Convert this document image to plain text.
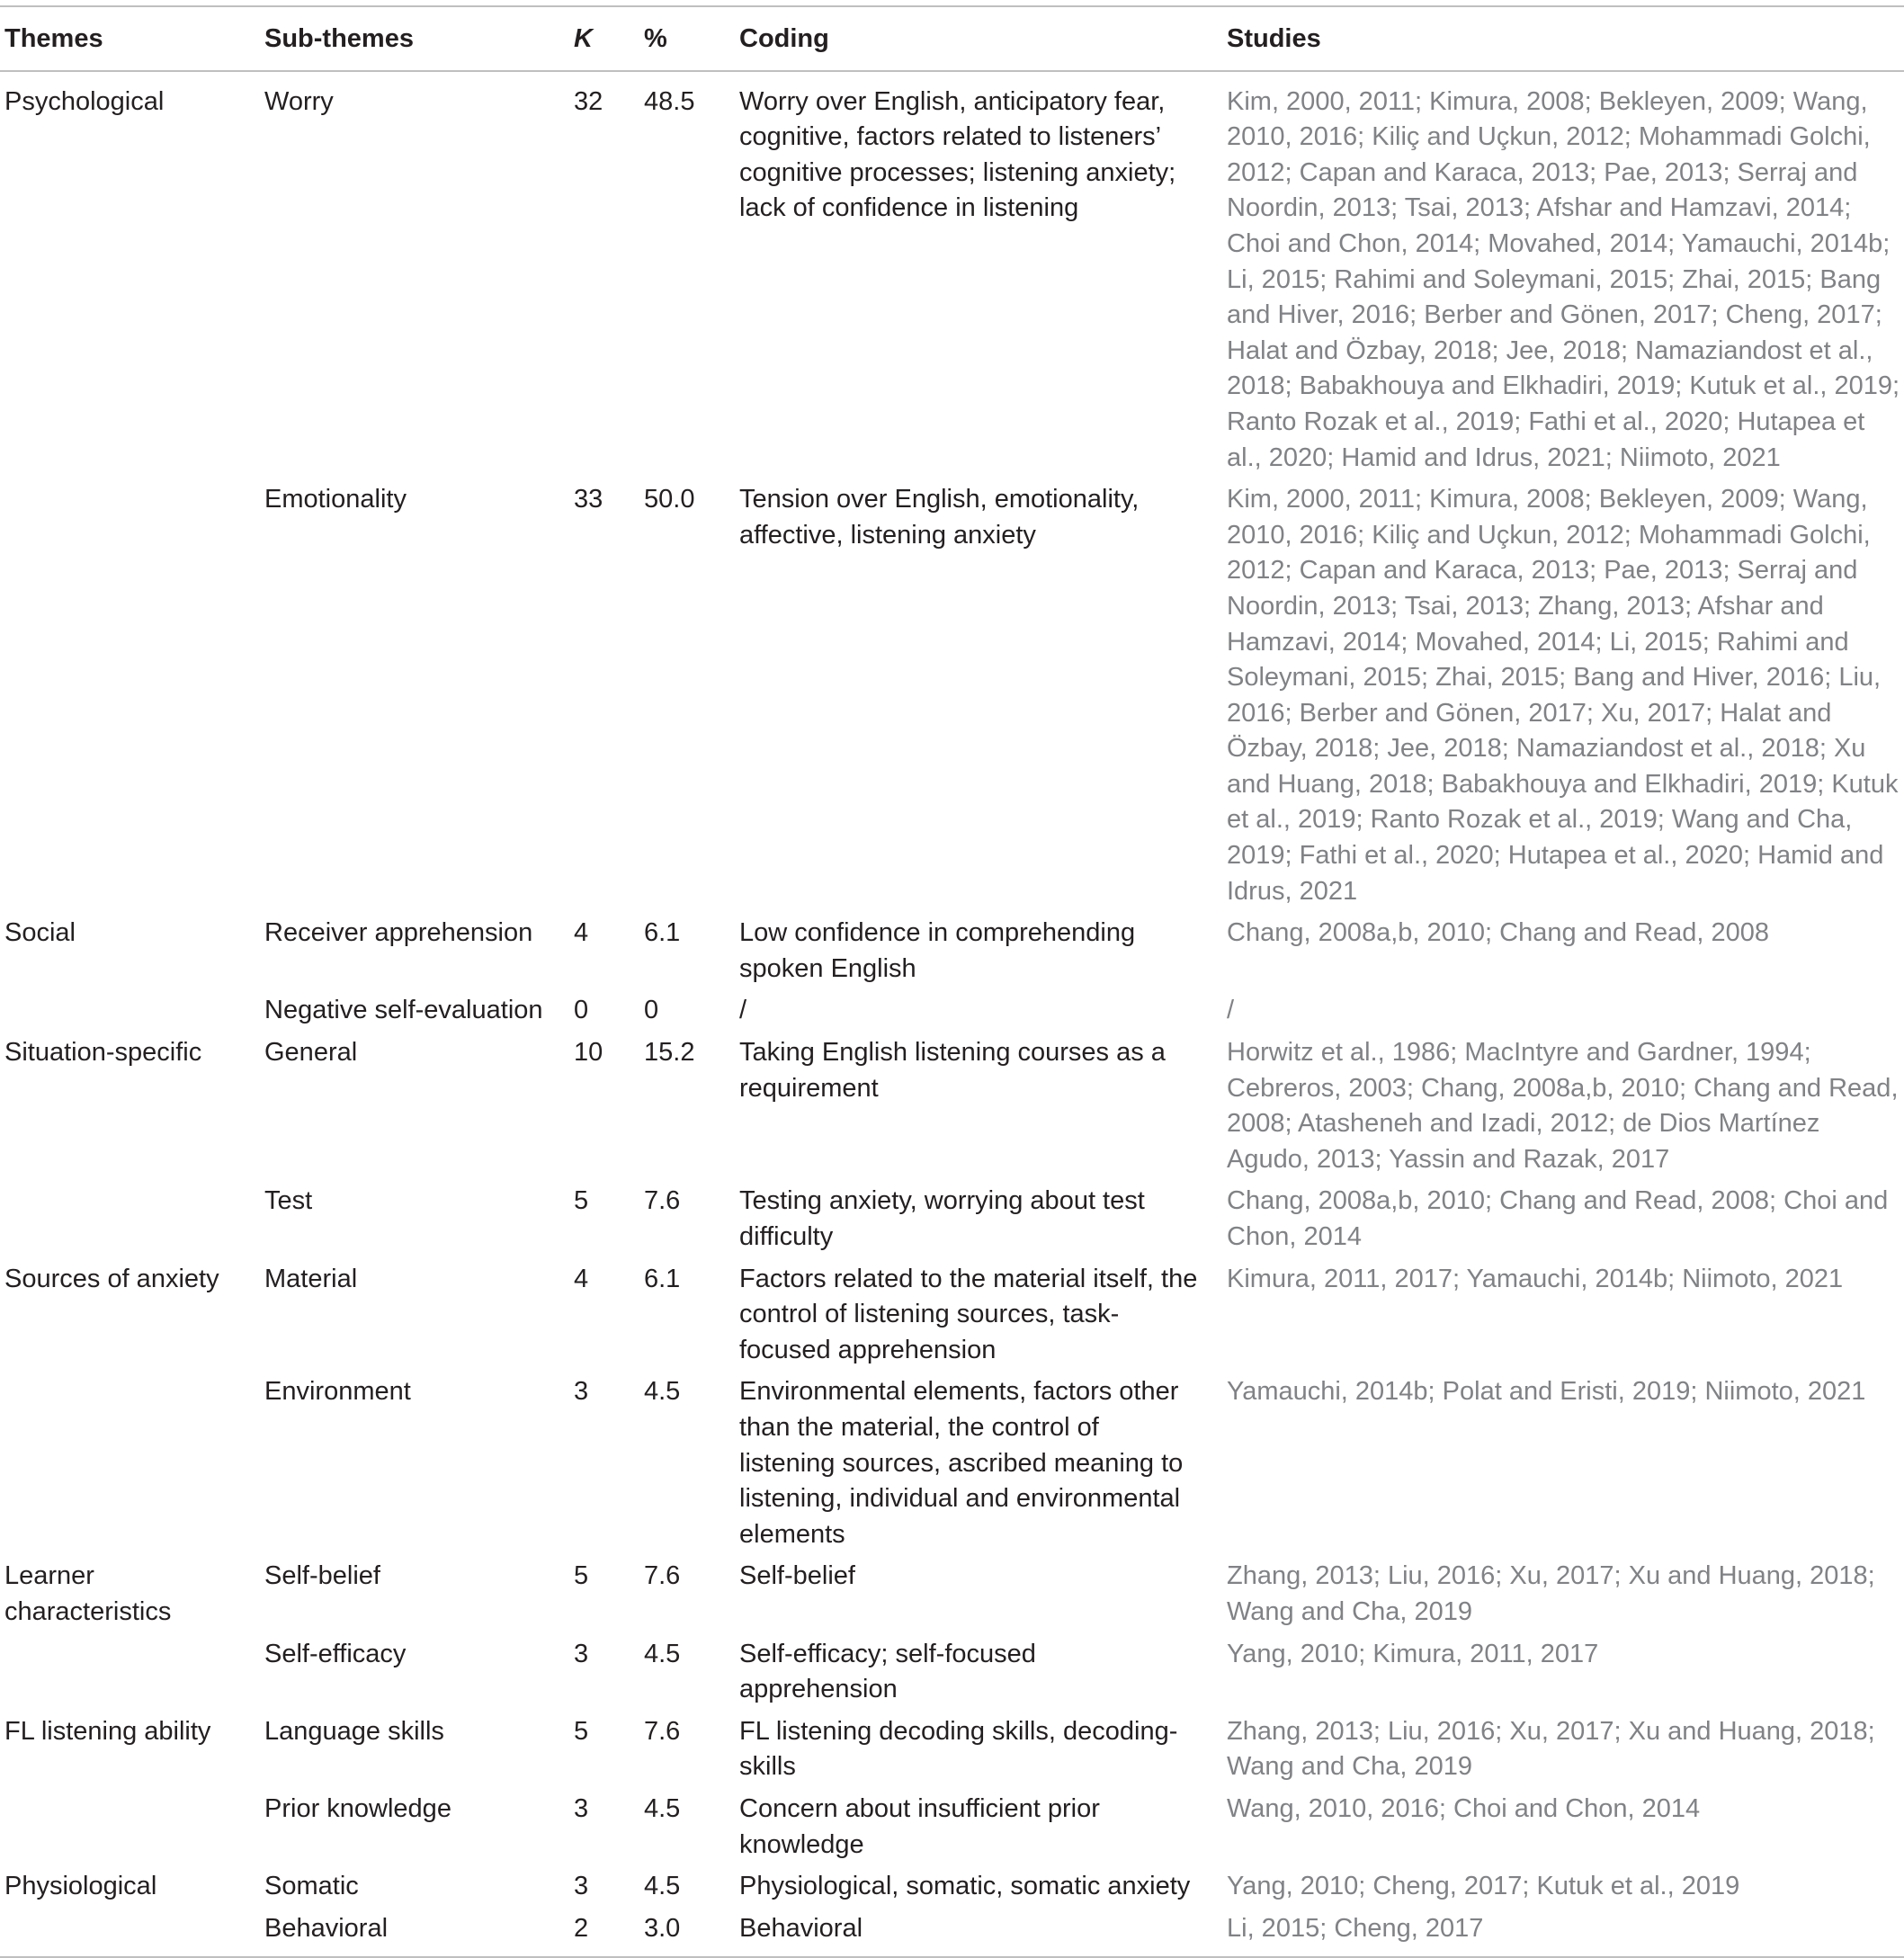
Themes	Sub-themes	K	%	Coding	Studies
Psychological	Worry	32	48.5	Worry over English, anticipatory fear, cognitive, factors related to listeners’ cognitive processes; listening anxiety; lack of confidence in listening	Kim, 2000, 2011; Kimura, 2008; Bekleyen, 2009; Wang, 2010, 2016; Kiliç and Uçkun, 2012; Mohammadi Golchi, 2012; Capan and Karaca, 2013; Pae, 2013; Serraj and Noordin, 2013; Tsai, 2013; Afshar and Hamzavi, 2014; Choi and Chon, 2014; Movahed, 2014; Yamauchi, 2014b; Li, 2015; Rahimi and Soleymani, 2015; Zhai, 2015; Bang and Hiver, 2016; Berber and Gönen, 2017; Cheng, 2017; Halat and Özbay, 2018; Jee, 2018; Namaziandost et al., 2018; Babakhouya and Elkhadiri, 2019; Kutuk et al., 2019; Ranto Rozak et al., 2019; Fathi et al., 2020; Hutapea et al., 2020; Hamid and Idrus, 2021; Niimoto, 2021
	Emotionality	33	50.0	Tension over English, emotionality, affective, listening anxiety	Kim, 2000, 2011; Kimura, 2008; Bekleyen, 2009; Wang, 2010, 2016; Kiliç and Uçkun, 2012; Mohammadi Golchi, 2012; Capan and Karaca, 2013; Pae, 2013; Serraj and Noordin, 2013; Tsai, 2013; Zhang, 2013; Afshar and Hamzavi, 2014; Movahed, 2014; Li, 2015; Rahimi and Soleymani, 2015; Zhai, 2015; Bang and Hiver, 2016; Liu, 2016; Berber and Gönen, 2017; Xu, 2017; Halat and Özbay, 2018; Jee, 2018; Namaziandost et al., 2018; Xu and Huang, 2018; Babakhouya and Elkhadiri, 2019; Kutuk et al., 2019; Ranto Rozak et al., 2019; Wang and Cha, 2019; Fathi et al., 2020; Hutapea et al., 2020; Hamid and Idrus, 2021
Social	Receiver apprehension	4	6.1	Low confidence in comprehending spoken English	Chang, 2008a,b, 2010; Chang and Read, 2008
	Negative self-evaluation	0	0	/	/
Situation-specific	General	10	15.2	Taking English listening courses as a requirement	Horwitz et al., 1986; MacIntyre and Gardner, 1994; Cebreros, 2003; Chang, 2008a,b, 2010; Chang and Read, 2008; Atasheneh and Izadi, 2012; de Dios Martínez Agudo, 2013; Yassin and Razak, 2017
	Test	5	7.6	Testing anxiety, worrying about test difficulty	Chang, 2008a,b, 2010; Chang and Read, 2008; Choi and Chon, 2014
Sources of anxiety	Material	4	6.1	Factors related to the material itself, the control of listening sources, task-focused apprehension	Kimura, 2011, 2017; Yamauchi, 2014b; Niimoto, 2021
	Environment	3	4.5	Environmental elements, factors other than the material, the control of listening sources, ascribed meaning to listening, individual and environmental elements	Yamauchi, 2014b; Polat and Eristi, 2019; Niimoto, 2021
Learner characteristics	Self-belief	5	7.6	Self-belief	Zhang, 2013; Liu, 2016; Xu, 2017; Xu and Huang, 2018; Wang and Cha, 2019
	Self-efficacy	3	4.5	Self-efficacy; self-focused apprehension	Yang, 2010; Kimura, 2011, 2017
FL listening ability	Language skills	5	7.6	FL listening decoding skills, decoding-skills	Zhang, 2013; Liu, 2016; Xu, 2017; Xu and Huang, 2018; Wang and Cha, 2019
	Prior knowledge	3	4.5	Concern about insufficient prior knowledge	Wang, 2010, 2016; Choi and Chon, 2014
Physiological	Somatic	3	4.5	Physiological, somatic, somatic anxiety	Yang, 2010; Cheng, 2017; Kutuk et al., 2019
	Behavioral	2	3.0	Behavioral	Li, 2015; Cheng, 2017
